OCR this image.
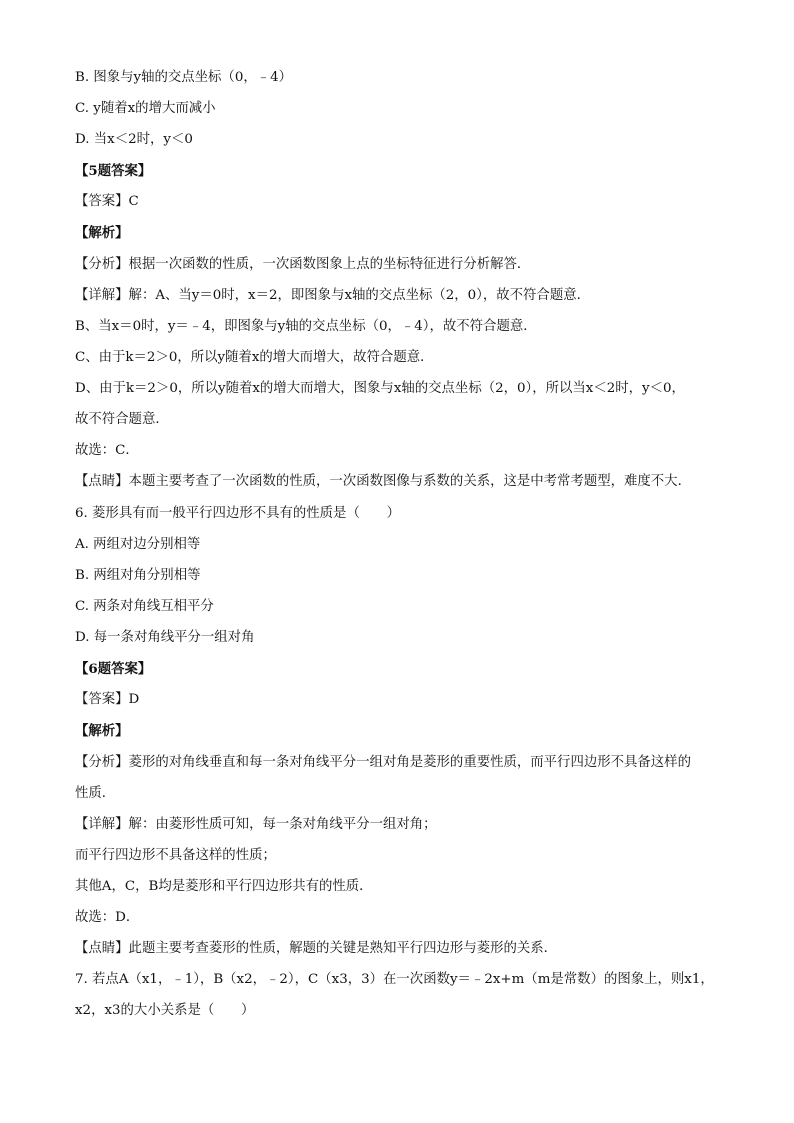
B. 图象与y轴的交点坐标（0，﹣4）
C. y随着x的增大而减小
D. 当x＜2时，y＜0
【5题答案】
【答案】C
【解析】
【分析】根据一次函数的性质，一次函数图象上点的坐标特征进行分析解答．
【详解】解：A、当y＝0时，x＝2，即图象与x轴的交点坐标（2，0），故不符合题意．
B、当x＝0时，y＝﹣4，即图象与y轴的交点坐标（0，﹣4），故不符合题意．
C、由于k＝2＞0，所以y随着x的增大而增大，故符合题意．
D、由于k＝2＞0，所以y随着x的增大而增大，图象与x轴的交点坐标（2，0），所以当x＜2时，y＜0，
故不符合题意．
故选：C．
【点睛】本题主要考查了一次函数的性质，一次函数图像与系数的关系，这是中考常考题型，难度不大．
6. 菱形具有而一般平行四边形不具有的性质是（　　）
A. 两组对边分别相等
B. 两组对角分别相等
C. 两条对角线互相平分
D. 每一条对角线平分一组对角
【6题答案】
【答案】D
【解析】
【分析】菱形的对角线垂直和每一条对角线平分一组对角是菱形的重要性质，而平行四边形不具备这样的
性质．
【详解】解：由菱形性质可知，每一条对角线平分一组对角；
而平行四边形不具备这样的性质；
其他A，C，B均是菱形和平行四边形共有的性质．
故选：D．
【点睛】此题主要考查菱形的性质，解题的关键是熟知平行四边形与菱形的关系．
7. 若点A（x1，﹣1），B（x2，﹣2），C（x3，3）在一次函数y＝﹣2x+m（m是常数）的图象上，则x1，
x2，x3的大小关系是（　　）
